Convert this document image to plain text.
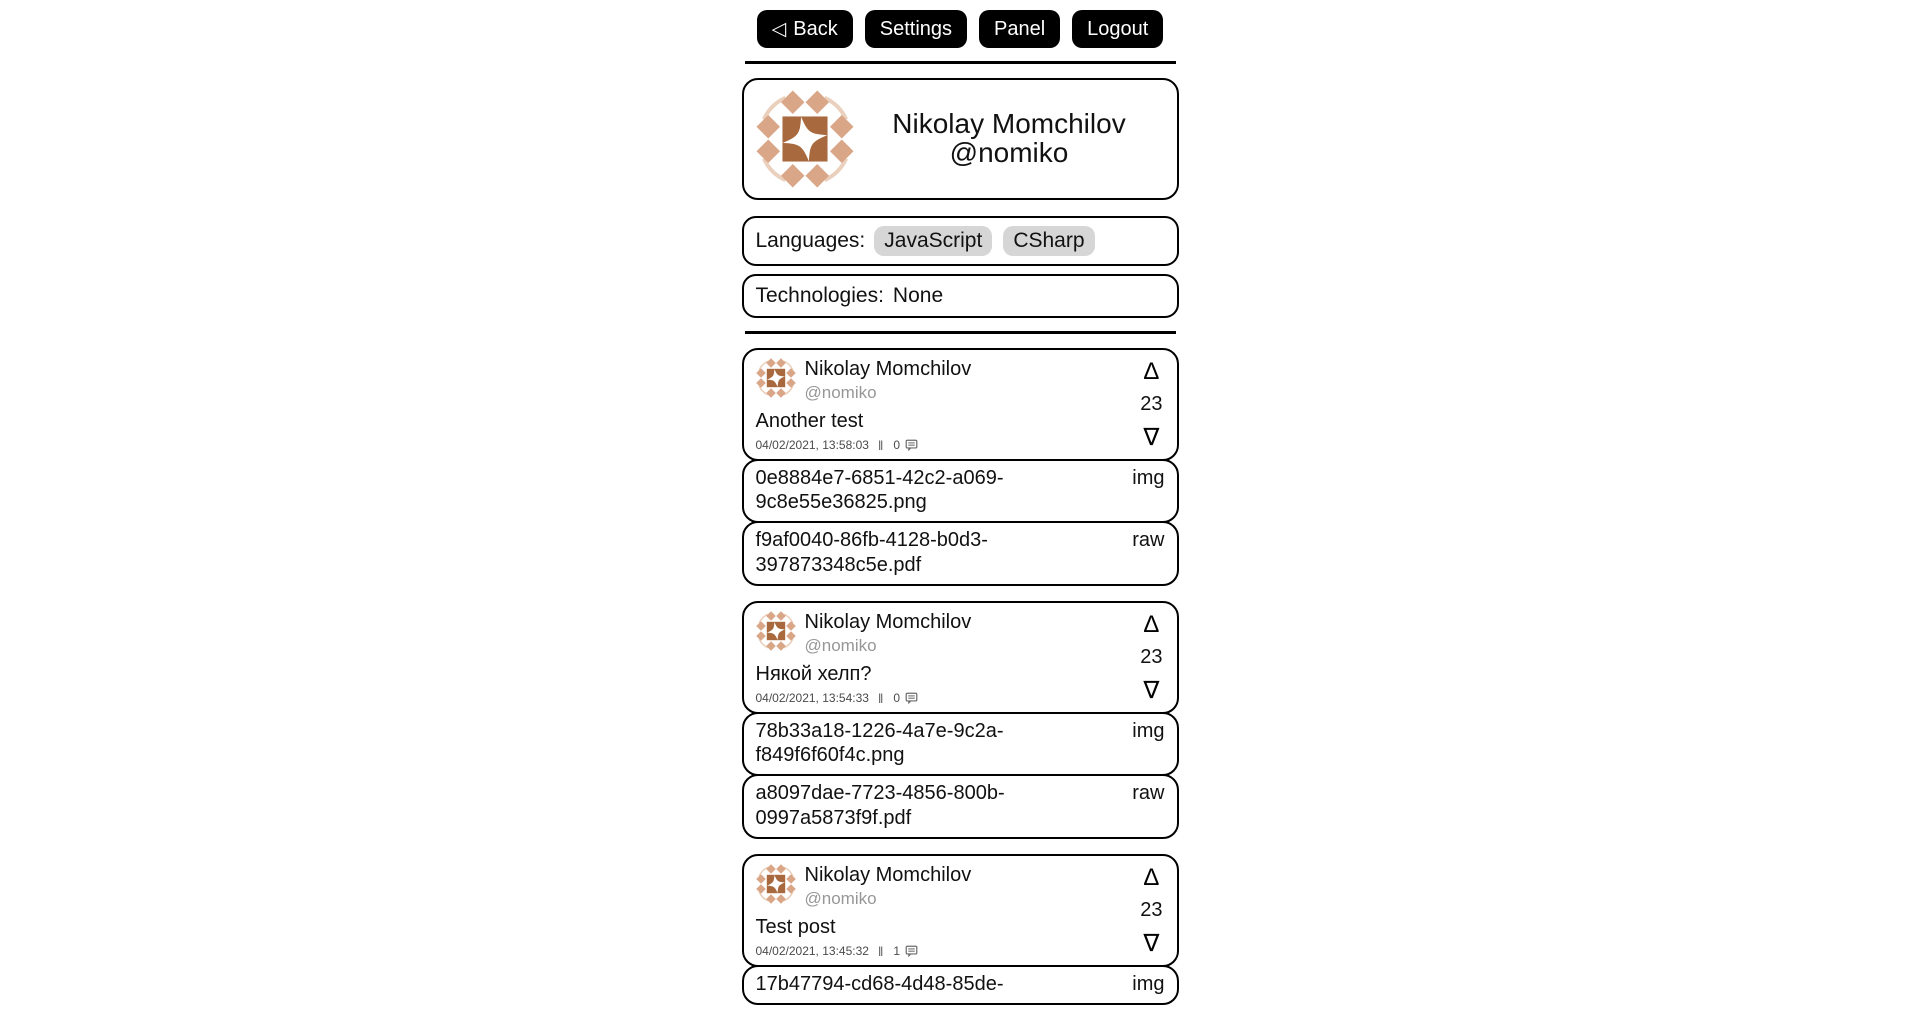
◁ Back Settings Panel Logout
Nikolay Momchilov
@nomiko
Languages: JavaScript	CSharp
Technologies: None
Nikolay Momchilov
@nomiko
Another test
04/02/2021, 13:58:03 ‖ 0
∆
23
∇
0e8884e7-6851-42c2-a069-9c8e55e36825.png
img
f9af0040-86fb-4128-b0d3-397873348c5e.pdf
raw
Nikolay Momchilov
@nomiko
Някой хелп?
04/02/2021, 13:54:33 ‖ 0
∆
23
∇
78b33a18-1226-4a7e-9c2a-f849f6f60f4c.png
img
a8097dae-7723-4856-800b-0997a5873f9f.pdf
raw
Nikolay Momchilov
@nomiko
Test post
04/02/2021, 13:45:32 ‖ 1
∆
23
∇
17b47794-cd68-4d48-85de-	img
